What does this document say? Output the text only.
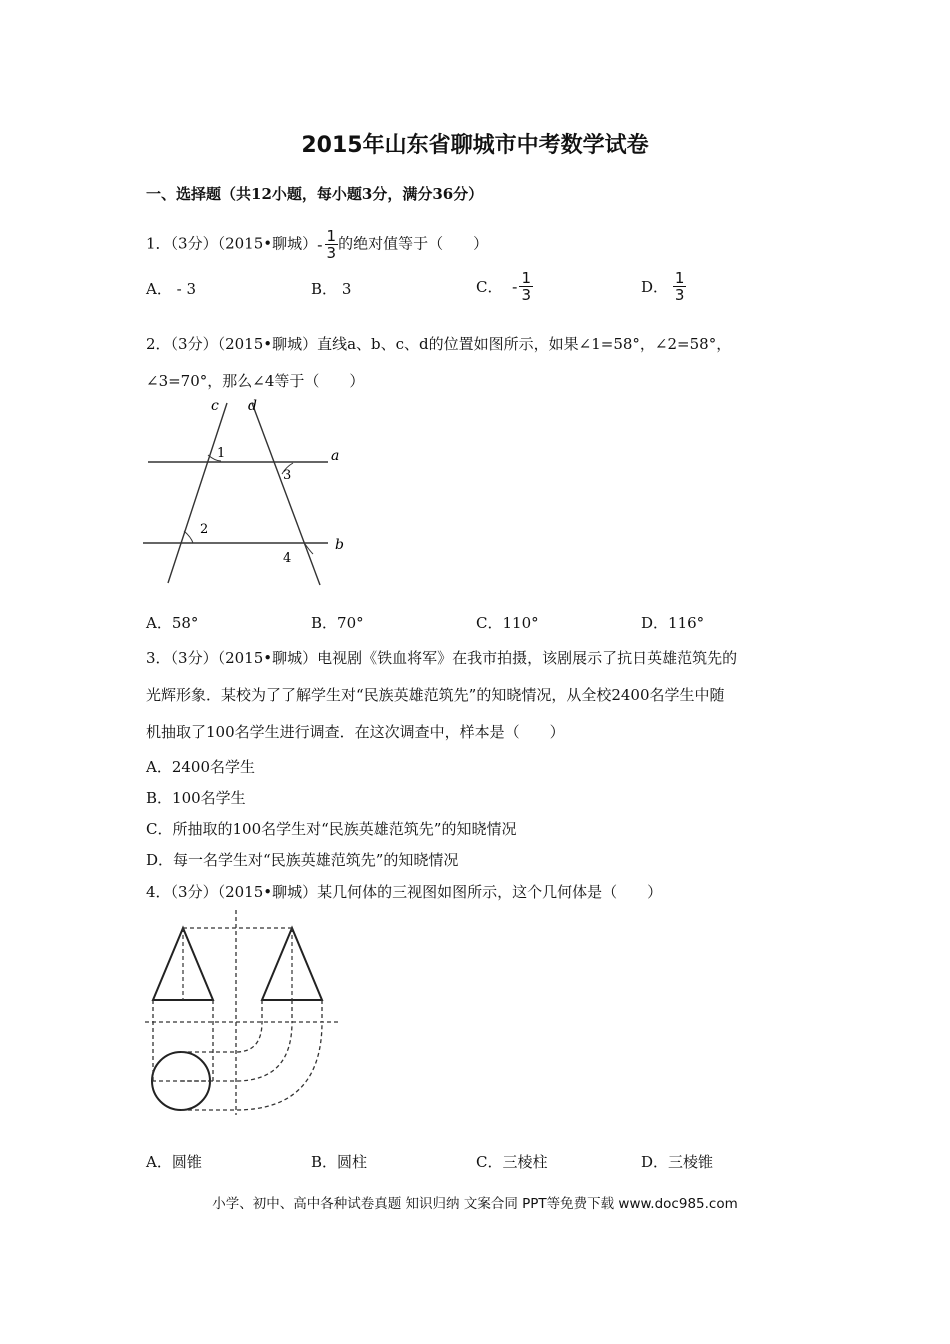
2015年山东省聊城市中考数学试卷
一、选择题（共12小题，每小题3分，满分36分）
1．（3分）（2015•聊城）- $\frac{1}{3}$ 的绝对值等于（　　）
A． - 3	B． 3	C． - $\frac{1}{3}$	D． $\frac{1}{3}$
2．（3分）（2015•聊城）直线a、b、c、d的位置如图所示，如果∠1=58°，∠2=58°，
∠3=70°，那么∠4等于（　　）
c d
a
b
1
2
3
4
A．58°	B．70°	C．110°	D．116°
3．（3分）（2015•聊城）电视剧《铁血将军》在我市拍摄，该剧展示了抗日英雄范筑先的
光辉形象．某校为了了解学生对“民族英雄范筑先”的知晓情况，从全校2400名学生中随
机抽取了100名学生进行调查．在这次调查中，样本是（　　）
A．2400名学生
B．100名学生
C．所抽取的100名学生对“民族英雄范筑先”的知晓情况
D．每一名学生对“民族英雄范筑先”的知晓情况
4．（3分）（2015•聊城）某几何体的三视图如图所示，这个几何体是（　　）
A．圆锥	B．圆柱	C．三棱柱	D．三棱锥
小学、初中、高中各种试卷真题 知识归纳 文案合同 PPT等免费下载 www.doc985.com
